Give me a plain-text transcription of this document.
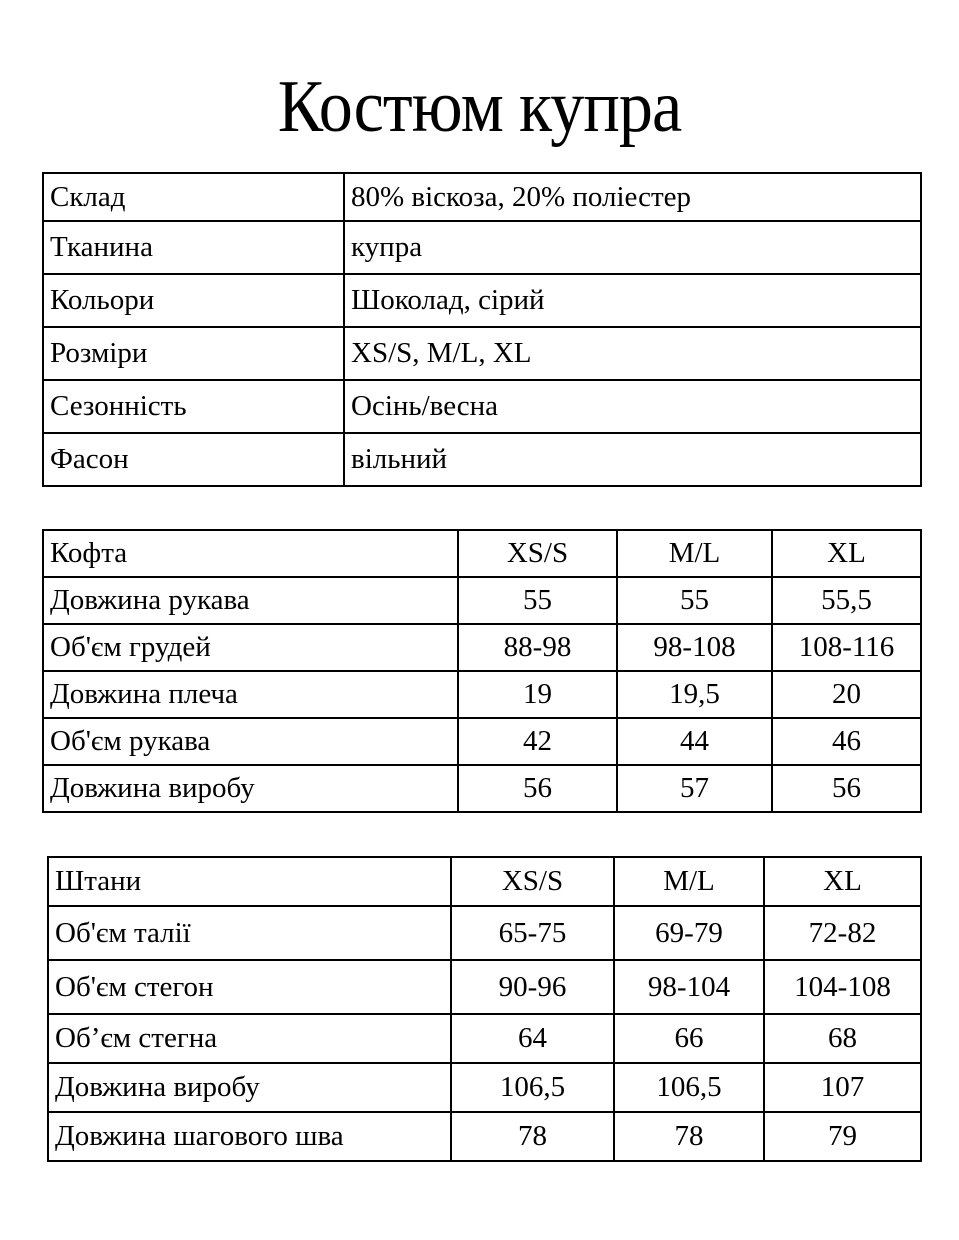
Костюм купра
Склад	80% віскоза, 20% поліестер
Тканина	купра
Кольори	Шоколад, сірий
Розміри	XS/S, M/L, XL
Сезонність	Осінь/весна
Фасон	вільний
Кофта	XS/S	M/L	XL
Довжина рукава	55	55	55,5
Об'єм грудей	88-98	98-108	108-116
Довжина плеча	19	19,5	20
Об'єм рукава	42	44	46
Довжина виробу	56	57	56
Штани	XS/S	M/L	XL
Об'єм талії	65-75	69-79	72-82
Об'єм стегон	90-96	98-104	104-108
Об’єм стегна	64	66	68
Довжина виробу	106,5	106,5	107
Довжина шагового шва	78	78	79
